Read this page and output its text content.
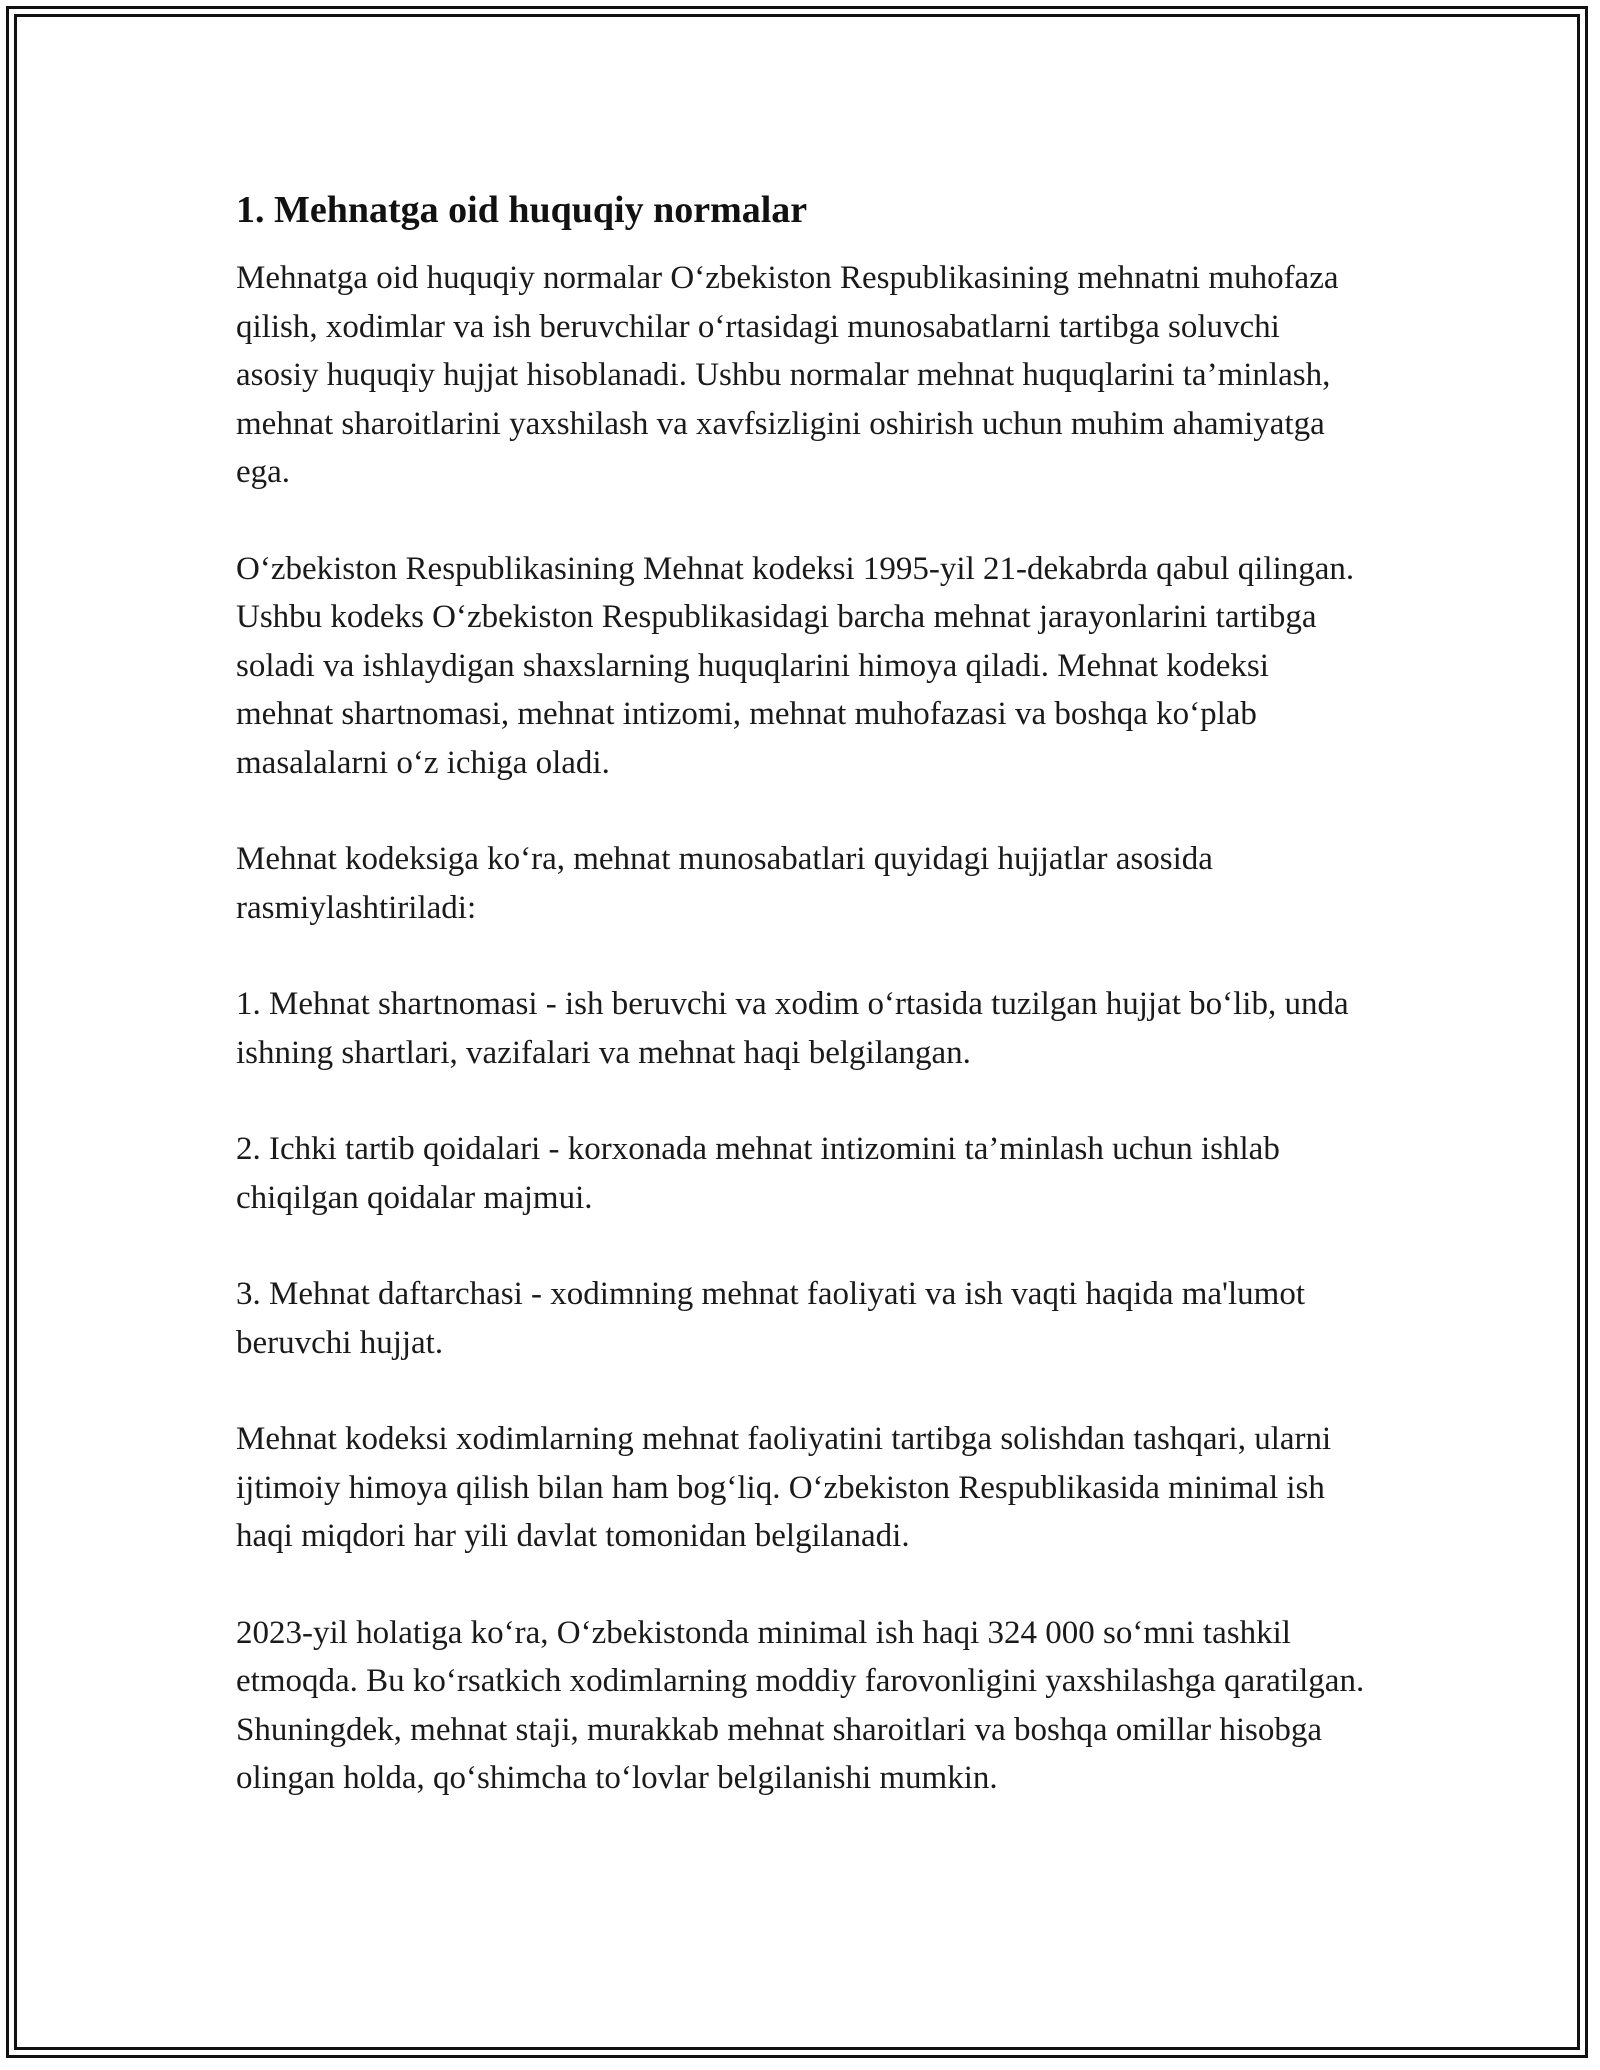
1. Mehnatga oid huquqiy normalar

Mehnatga oid huquqiy normalar O‘zbekiston Respublikasining mehnatni muhofaza qilish, xodimlar va ish beruvchilar o‘rtasidagi munosabatlarni tartibga soluvchi asosiy huquqiy hujjat hisoblanadi. Ushbu normalar mehnat huquqlarini ta’minlash, mehnat sharoitlarini yaxshilash va xavfsizligini oshirish uchun muhim ahamiyatga ega.

O‘zbekiston Respublikasining Mehnat kodeksi 1995-yil 21-dekabrda qabul qilingan. Ushbu kodeks O‘zbekiston Respublikasidagi barcha mehnat jarayonlarini tartibga soladi va ishlaydigan shaxslarning huquqlarini himoya qiladi. Mehnat kodeksi mehnat shartnomasi, mehnat intizomi, mehnat muhofazasi va boshqa ko‘plab masalalarni o‘z ichiga oladi.

Mehnat kodeksiga ko‘ra, mehnat munosabatlari quyidagi hujjatlar asosida rasmiylashtiriladi:

1. Mehnat shartnomasi - ish beruvchi va xodim o‘rtasida tuzilgan hujjat bo‘lib, unda ishning shartlari, vazifalari va mehnat haqi belgilangan.

2. Ichki tartib qoidalari - korxonada mehnat intizomini ta’minlash uchun ishlab chiqilgan qoidalar majmui.

3. Mehnat daftarchasi - xodimning mehnat faoliyati va ish vaqti haqida ma'lumot beruvchi hujjat.

Mehnat kodeksi xodimlarning mehnat faoliyatini tartibga solishdan tashqari, ularni ijtimoiy himoya qilish bilan ham bog‘liq. O‘zbekiston Respublikasida minimal ish haqi miqdori har yili davlat tomonidan belgilanadi.

2023-yil holatiga ko‘ra, O‘zbekistonda minimal ish haqi 324 000 so‘mni tashkil etmoqda. Bu ko‘rsatkich xodimlarning moddiy farovonligini yaxshilashga qaratilgan. Shuningdek, mehnat staji, murakkab mehnat sharoitlari va boshqa omillar hisobga olingan holda, qo‘shimcha to‘lovlar belgilanishi mumkin.
